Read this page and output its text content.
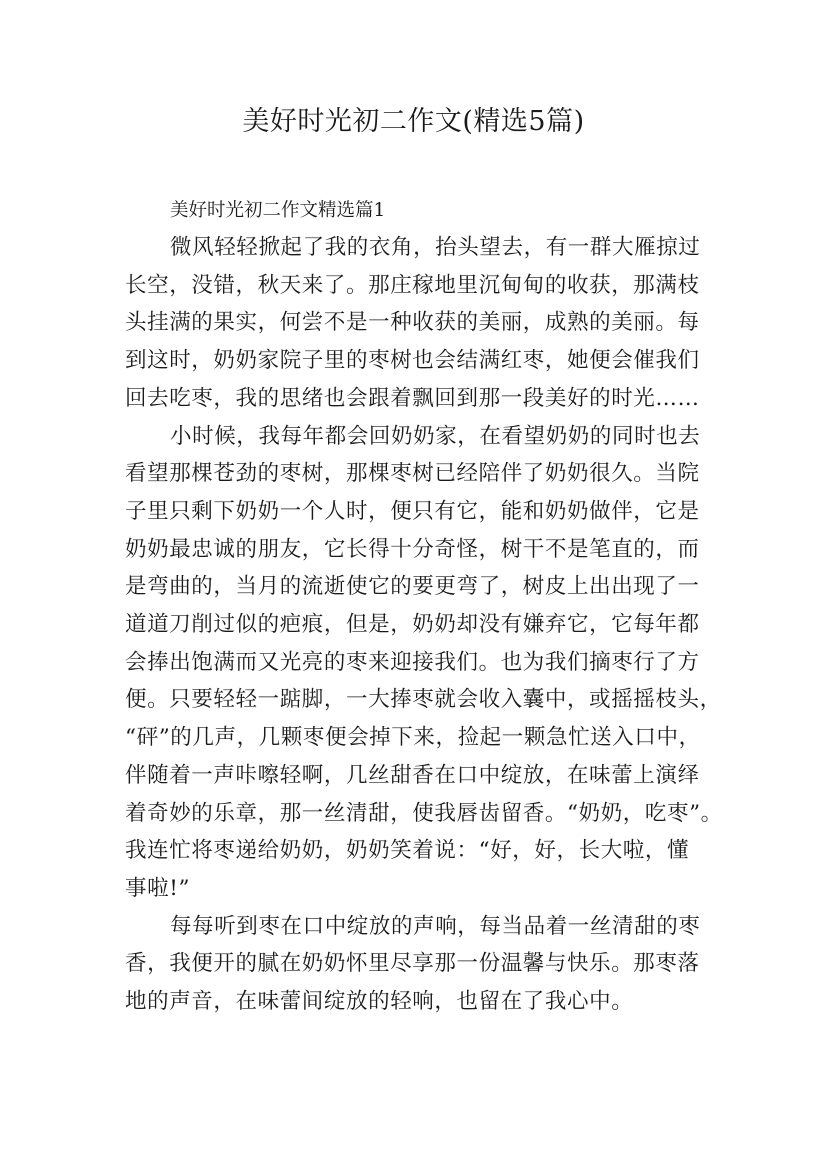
美好时光初二作文(精选5篇)

美好时光初二作文精选篇1

微风轻轻掀起了我的衣角，抬头望去，有一群大雁掠过
长空，没错，秋天来了。那庄稼地里沉甸甸的收获，那满枝
头挂满的果实，何尝不是一种收获的美丽，成熟的美丽。每
到这时，奶奶家院子里的枣树也会结满红枣，她便会催我们
回去吃枣，我的思绪也会跟着飘回到那一段美好的时光……
小时候，我每年都会回奶奶家，在看望奶奶的同时也去
看望那棵苍劲的枣树，那棵枣树已经陪伴了奶奶很久。当院
子里只剩下奶奶一个人时，便只有它，能和奶奶做伴，它是
奶奶最忠诚的朋友，它长得十分奇怪，树干不是笔直的，而
是弯曲的，当月的流逝使它的要更弯了，树皮上出出现了一
道道刀削过似的疤痕，但是，奶奶却没有嫌弃它，它每年都
会捧出饱满而又光亮的枣来迎接我们。也为我们摘枣行了方
便。只要轻轻一踮脚，一大捧枣就会收入囊中，或摇摇枝头，
“砰”的几声，几颗枣便会掉下来，捡起一颗急忙送入口中，
伴随着一声咔嚓轻啊，几丝甜香在口中绽放，在味蕾上演绎
着奇妙的乐章，那一丝清甜，使我唇齿留香。“奶奶，吃枣”。
我连忙将枣递给奶奶，奶奶笑着说：“好，好，长大啦，懂
事啦!”
每每听到枣在口中绽放的声响，每当品着一丝清甜的枣
香，我便开的腻在奶奶怀里尽享那一份温馨与快乐。那枣落
地的声音，在味蕾间绽放的轻响，也留在了我心中。
